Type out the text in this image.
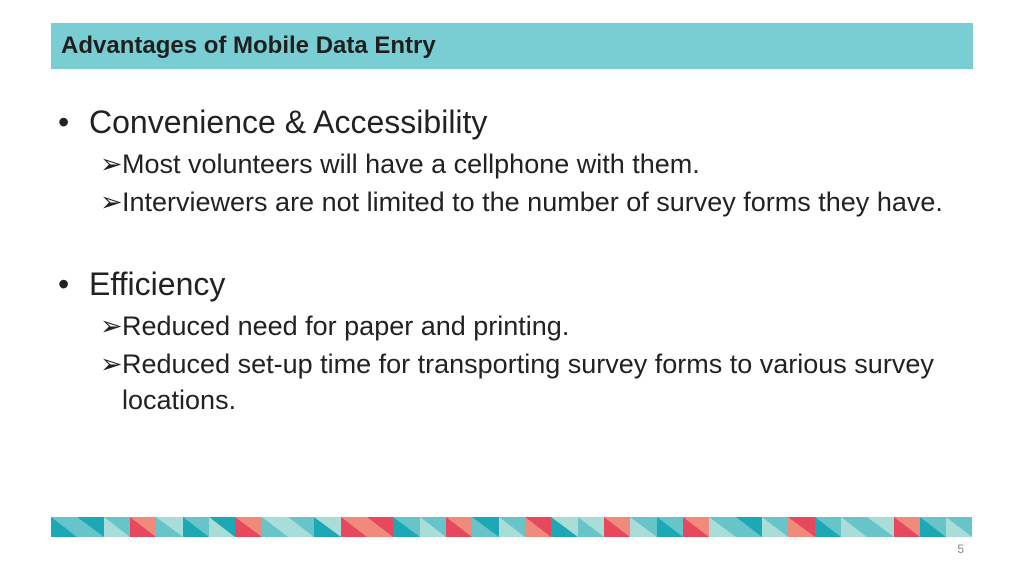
Advantages of Mobile Data Entry

• Convenience & Accessibility

➢ Most volunteers will have a cellphone with them.

➢ Interviewers are not limited to the number of survey forms they have.

• Efficiency

➢ Reduced need for paper and printing.

➢ Reduced set-up time for transporting survey forms to various survey locations.

5
